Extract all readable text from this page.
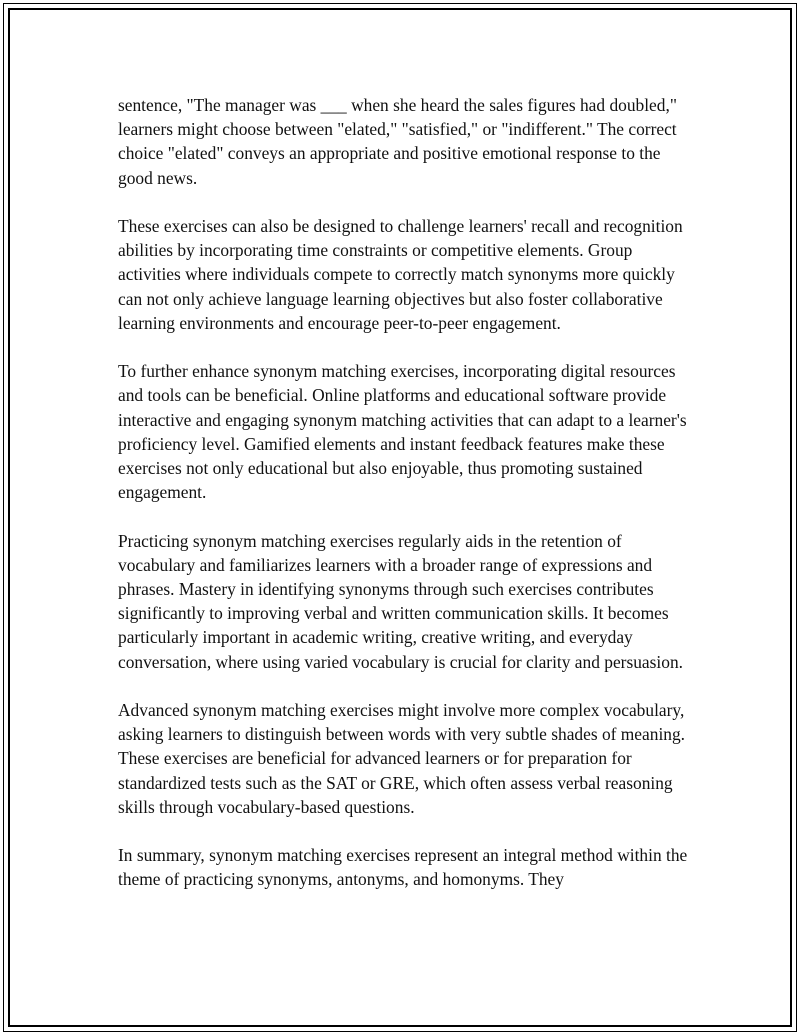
sentence, "The manager was ___ when she heard the sales figures had doubled," learners might choose between "elated," "satisfied," or "indifferent." The correct choice "elated" conveys an appropriate and positive emotional response to the good news.

These exercises can also be designed to challenge learners' recall and recognition abilities by incorporating time constraints or competitive elements. Group activities where individuals compete to correctly match synonyms more quickly can not only achieve language learning objectives but also foster collaborative learning environments and encourage peer-to-peer engagement.

To further enhance synonym matching exercises, incorporating digital resources and tools can be beneficial. Online platforms and educational software provide interactive and engaging synonym matching activities that can adapt to a learner's proficiency level. Gamified elements and instant feedback features make these exercises not only educational but also enjoyable, thus promoting sustained engagement.

Practicing synonym matching exercises regularly aids in the retention of vocabulary and familiarizes learners with a broader range of expressions and phrases. Mastery in identifying synonyms through such exercises contributes significantly to improving verbal and written communication skills. It becomes particularly important in academic writing, creative writing, and everyday conversation, where using varied vocabulary is crucial for clarity and persuasion.

Advanced synonym matching exercises might involve more complex vocabulary, asking learners to distinguish between words with very subtle shades of meaning. These exercises are beneficial for advanced learners or for preparation for standardized tests such as the SAT or GRE, which often assess verbal reasoning skills through vocabulary-based questions.

In summary, synonym matching exercises represent an integral method within the theme of practicing synonyms, antonyms, and homonyms. They
